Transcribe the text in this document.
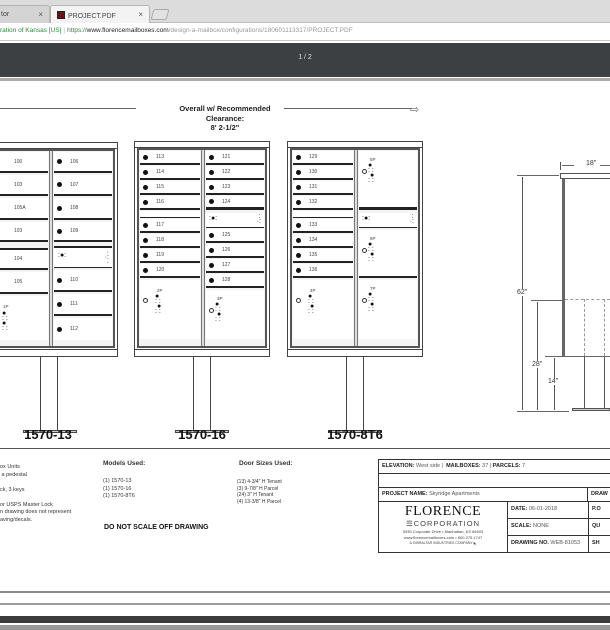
tor	×	PROJECT.PDF	×
ration of Kansas [US] | https://www.florencemailboxes.com/design-a-mailbox/configurations/180601113317/PROJECT.PDF
1 / 2
Overall w/ Recommended
Clearance:
8' 2-1/2"
⇨
100
103
105A
103
104
105
1P
●
: :
●
: :
106
107
108
109
:●:	·
·:
·
110
111
112
1570-13
113
114
115
116
117
118
119
120
2P
●
: :
●
: :
121
122
123
124
:●:	:
·:
125
126
127
128
3P
●
: :
●
: :
1570-16
129
130
131
132
133
134
135
136
4P
●
: :
●
: :
5P
●
: :
●
: :
:●:	:
·:
6P
●
: :
●
: :
7P
●
: :
●
: :
1570-8T6
18"
62"
28"
14"
ox Units
a pedestal

ck, 3 keys

or USPS Master Lock
n drawing does not represent
aving/decals.
Models Used:
(1) 1570-13
(1) 1570-16
(1) 1570-8T6
Door Sizes Used:
(13) 4-3/4" H Tenant
(3) 9-7/8" H Parcel
(24) 3" H Tenant
(4) 13-3/8" H Parcel
DO NOT SCALE OFF DRAWING
ELEVATION: West side |  MAILBOXES: 37 | PARCELS: 7
PROJECT NAME: Skyridge Apartments	DRAW
FLORENCE
☰CORPORATION
5935 Corporate Drive • Manhattan, KS 66503
www.florencemailboxes.com • 800.275.1747
A GIBRALTAR INDUSTRIES COMPANY ◣
DATE: 06-01-2018
SCALE: NONE
DRAWING NO. WEB-81053
P.O
QU
SH
